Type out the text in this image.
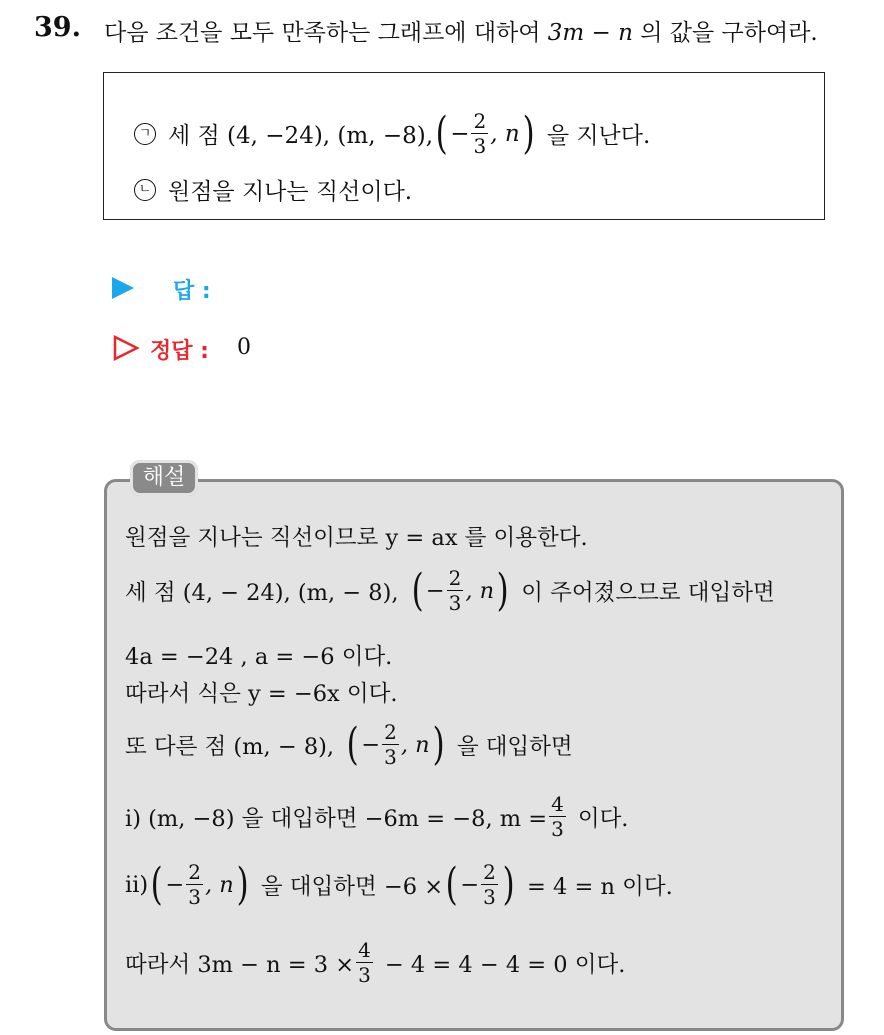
39. 다음 조건을 모두 만족하는 그래프에 대하여 3m − n 의 값을 구하여라.
ㄱ 세 점 (4, −24), (m, −8), ( − $\frac{2}{3}$ , n ) 을 지난다.
ㄴ 원점을 지나는 직선이다.
답 :
정답 : 0
원점을 지나는 직선이므로 y = ax 를 이용한다.
세 점 (4, − 24), (m, − 8), ( − $\frac{2}{3}$ , n ) 이 주어졌으므로 대입하면
4a = −24 , a = −6 이다.
따라서 식은 y = −6x 이다.
또 다른 점 (m, − 8), ( − $\frac{2}{3}$ , n ) 을 대입하면
ⅰ) (m, −8) 을 대입하면 −6m = −8, $m = \frac{4}{3}$ 이다.
ⅱ) ( − $\frac{2}{3}$ , n ) 을 대입하면 −6 × ( − $\frac{2}{3}$ ) = 4 = n 이다.
따라서 $3m - n = 3 \times \frac{4}{3} - 4 = 4 - 4 = 0$ 이다.
해설
